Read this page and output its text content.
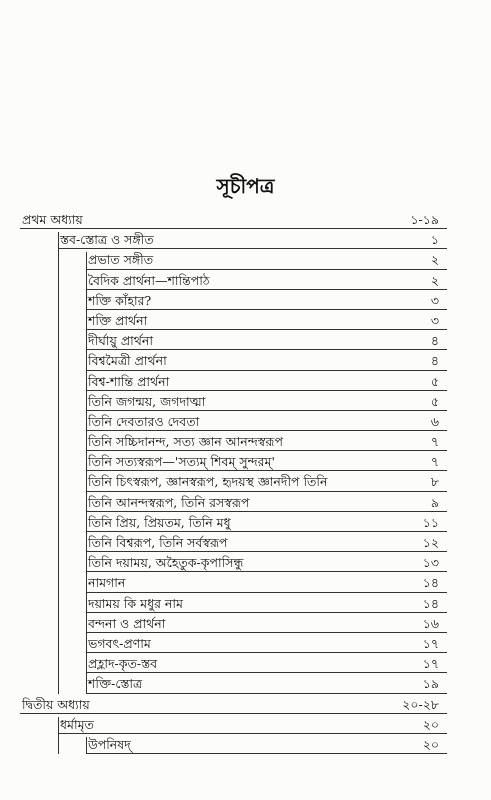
সূচীপত্র
প্রথম অধ্যায়	১-১৯
স্তব-স্তোত্র ও সঙ্গীত	১
প্রভাত সঙ্গীত	২
বৈদিক প্রার্থনা—শান্তিপাঠ	২
শক্তি কাঁহার?	৩
শক্তি প্রার্থনা	৩
দীর্ঘায়ু প্রার্থনা	৪
বিশ্বমৈত্রী প্রার্থনা	৪
বিশ্ব-শান্তি প্রার্থনা	৫
তিনি জগন্ময়, জগদাত্মা	৫
তিনি দেবতারও দেবতা	৬
তিনি সচ্চিদানন্দ, সত্য জ্ঞান আনন্দস্বরূপ	৭
তিনি সত্যস্বরূপ—'সত্যম্ শিবম্ সুন্দরম্'	৭
তিনি চিৎস্বরূপ, জ্ঞানস্বরূপ, হৃদয়স্থ জ্ঞানদীপ তিনি	৮
তিনি আনন্দস্বরূপ, তিনি রসস্বরূপ	৯
তিনি প্রিয়, প্রিয়তম, তিনি মধু	১১
তিনি বিশ্বরূপ, তিনি সর্বস্বরূপ	১২
তিনি দয়াময়, অহৈতুক-কৃপাসিন্ধু	১৩
নামগান	১৪
দয়াময় কি মধুর নাম	১৪
বন্দনা ও প্রার্থনা	১৬
ভগবৎ-প্রণাম	১৭
প্রহ্লাদ-কৃত-স্তব	১৭
শক্তি-স্তোত্র	১৯
দ্বিতীয় অধ্যায়	২০-২৮
ধর্মামৃত	২০
উপনিষদ্	২০
